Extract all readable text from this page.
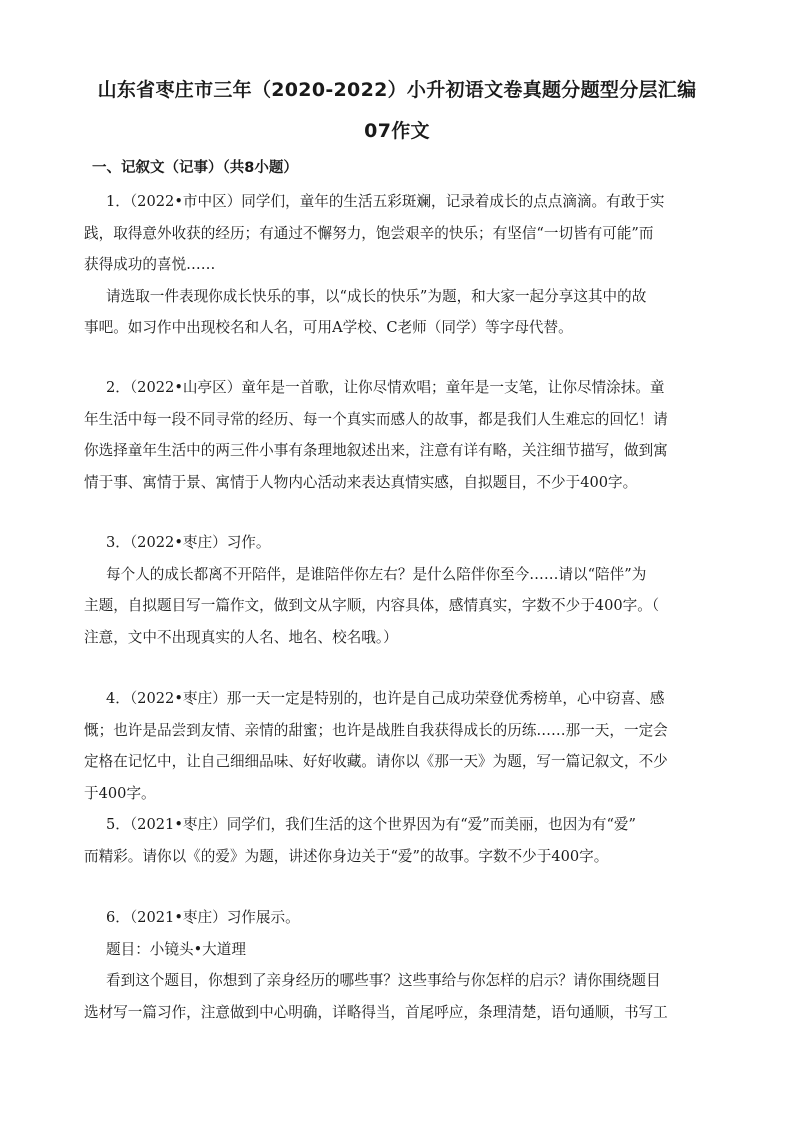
山东省枣庄市三年（2020-2022）小升初语文卷真题分题型分层汇编
07作文
一、记叙文（记事）（共8小题）
1．（2022•市中区）同学们，童年的生活五彩斑斓，记录着成长的点点滴滴。有敢于实
践，取得意外收获的经历；有通过不懈努力，饱尝艰辛的快乐；有坚信“一切皆有可能”而
获得成功的喜悦……
请选取一件表现你成长快乐的事，以“成长的快乐”为题，和大家一起分享这其中的故
事吧。如习作中出现校名和人名，可用A学校、C老师（同学）等字母代替。
2．（2022•山亭区）童年是一首歌，让你尽情欢唱；童年是一支笔，让你尽情涂抹。童
年生活中每一段不同寻常的经历、每一个真实而感人的故事，都是我们人生难忘的回忆！请
你选择童年生活中的两三件小事有条理地叙述出来，注意有详有略，关注细节描写，做到寓
情于事、寓情于景、寓情于人物内心活动来表达真情实感，自拟题目，不少于400字。
3．（2022•枣庄）习作。
每个人的成长都离不开陪伴，是谁陪伴你左右？是什么陪伴你至今……请以“陪伴”为
主题，自拟题目写一篇作文，做到文从字顺，内容具体，感情真实，字数不少于400字。（
注意，文中不出现真实的人名、地名、校名哦。）
4．（2022•枣庄）那一天一定是特别的，也许是自己成功荣登优秀榜单，心中窃喜、感
慨；也许是品尝到友情、亲情的甜蜜；也许是战胜自我获得成长的历练……那一天，一定会
定格在记忆中，让自己细细品味、好好收藏。请你以《那一天》为题，写一篇记叙文，不少
于400字。
5．（2021•枣庄）同学们，我们生活的这个世界因为有“爱”而美丽，也因为有“爱”
而精彩。请你以《的爱》为题，讲述你身边关于“爱”的故事。字数不少于400字。
6．（2021•枣庄）习作展示。
题目：小镜头•大道理
看到这个题目，你想到了亲身经历的哪些事？这些事给与你怎样的启示？请你围绕题目
选材写一篇习作，注意做到中心明确，详略得当，首尾呼应，条理清楚，语句通顺，书写工
